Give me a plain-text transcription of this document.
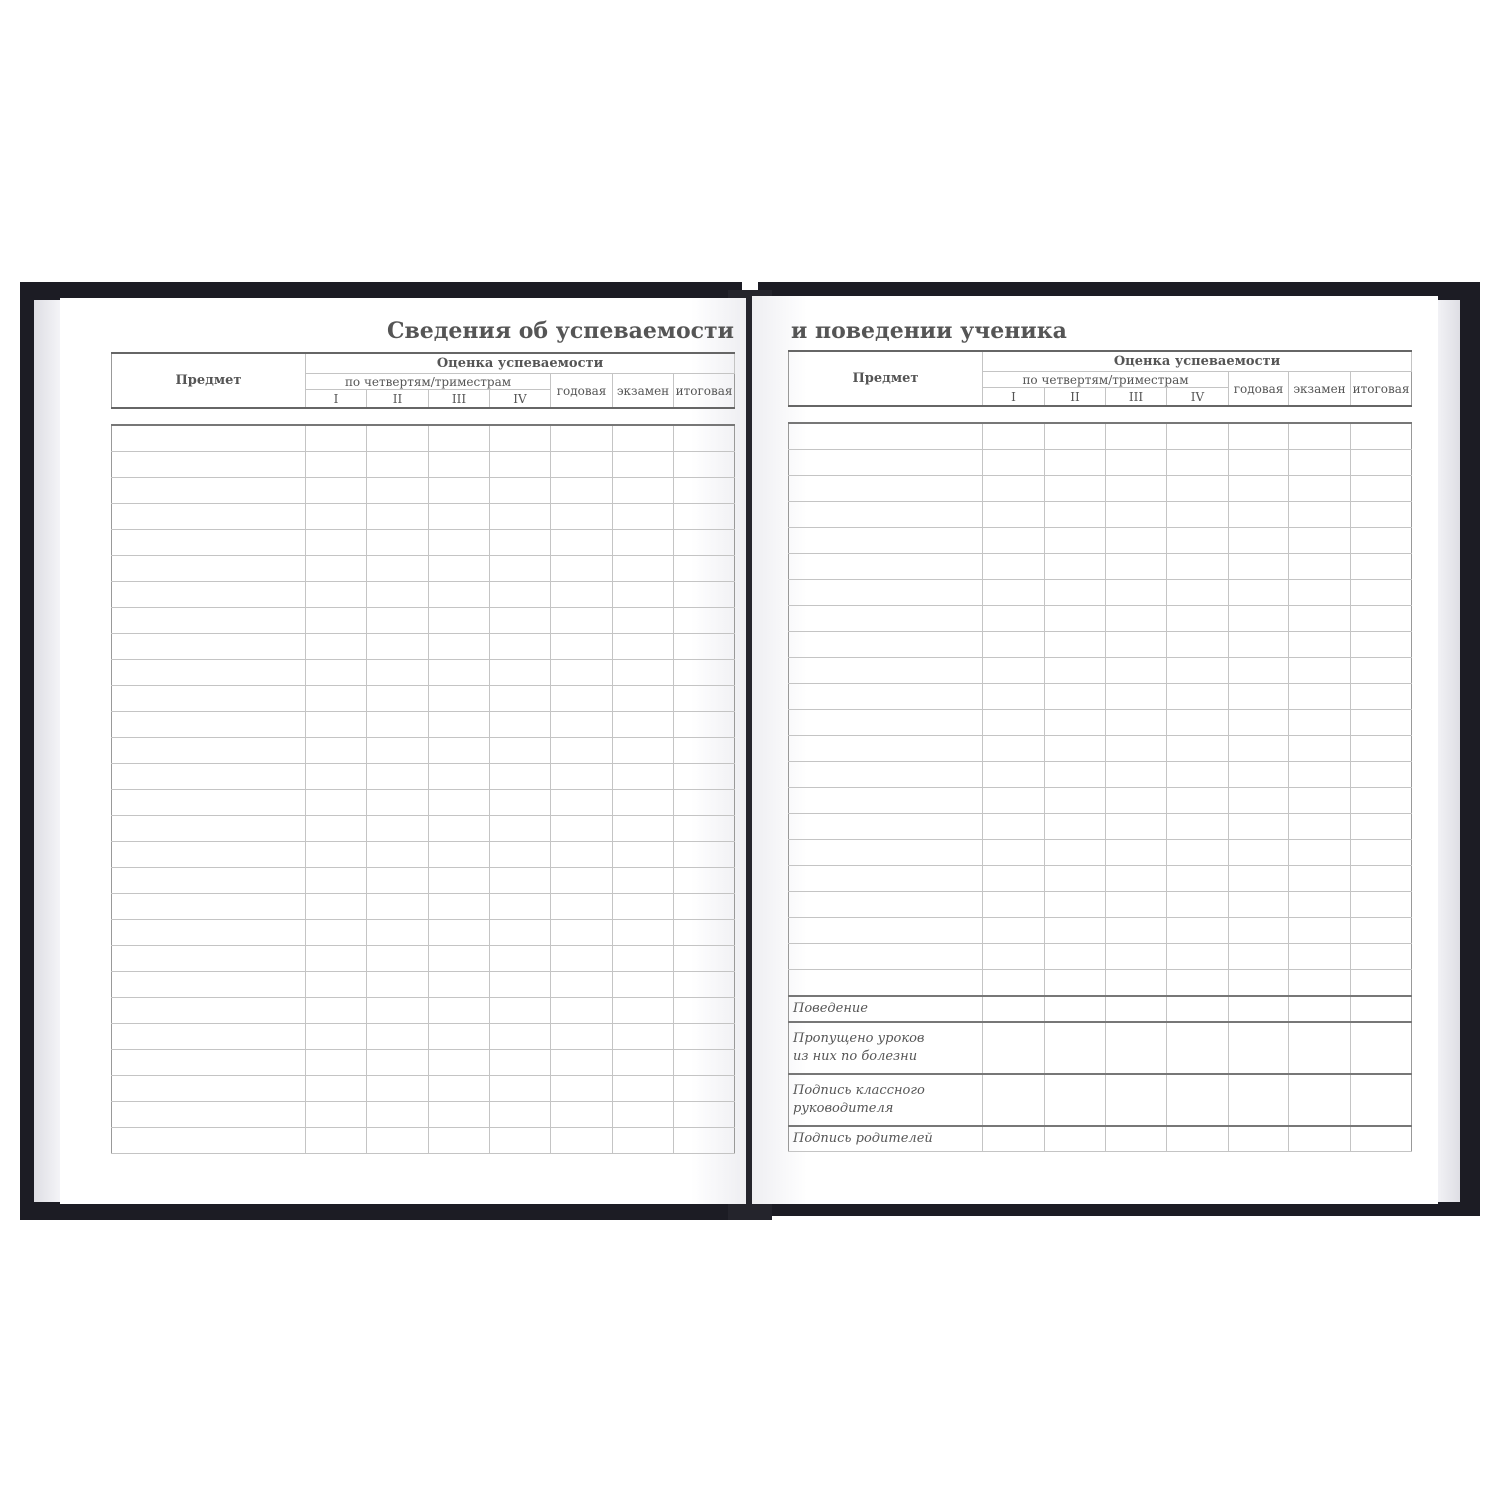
Сведения об успеваемости	и поведении ученика
Предмет	Оценка успеваемости						
	по четвертям/триместрам				годовая	экзамен	итоговая
	I	II	III	IV			

Предмет	Оценка успеваемости						
	по четвертям/триместрам				годовая	экзамен	итоговая
	I	II	III	IV			

Поведение							
Пропущено уроков
из них по болезни							
Подпись классного
руководителя							
Подпись родителей							
